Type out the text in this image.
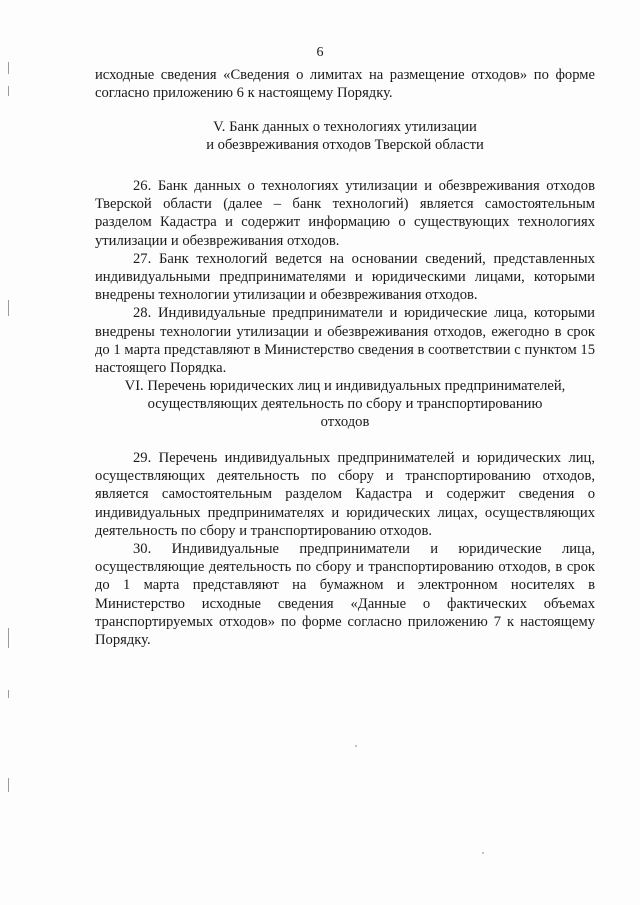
6

исходные сведения «Сведения о лимитах на размещение отходов» по форме

согласно приложению 6 к настоящему Порядку.

V. Банк данных о технологиях утилизации
и обезвреживания отходов Тверской области

26. Банк данных о технологиях утилизации и обезвреживания отходов Тверской области (далее – банк технологий) является самостоятельным разделом Кадастра и содержит информацию о существующих технологиях утилизации и обезвреживания отходов.

27. Банк технологий ведется на основании сведений, представленных индивидуальными предпринимателями и юридическими лицами, которыми внедрены технологии утилизации и обезвреживания отходов.

28. Индивидуальные предприниматели и юридические лица, которыми внедрены технологии утилизации и обезвреживания отходов, ежегодно в срок до 1 марта представляют в Министерство сведения в соответствии с пунктом 15 настоящего Порядка.

VI. Перечень юридических лиц и индивидуальных предпринимателей,
осуществляющих деятельность по сбору и транспортированию
отходов

29. Перечень индивидуальных предпринимателей и юридических лиц, осуществляющих деятельность по сбору и транспортированию отходов, является самостоятельным разделом Кадастра и содержит сведения о индивидуальных предпринимателях и юридических лицах, осуществляющих деятельность по сбору и транспортированию отходов.

30. Индивидуальные предприниматели и юридические лица, осуществляющие деятельность по сбору и транспортированию отходов, в срок до 1 марта представляют на бумажном и электронном носителях в Министерство исходные сведения «Данные о фактических объемах транспортируемых отходов» по форме согласно приложению 7 к настоящему Порядку.
